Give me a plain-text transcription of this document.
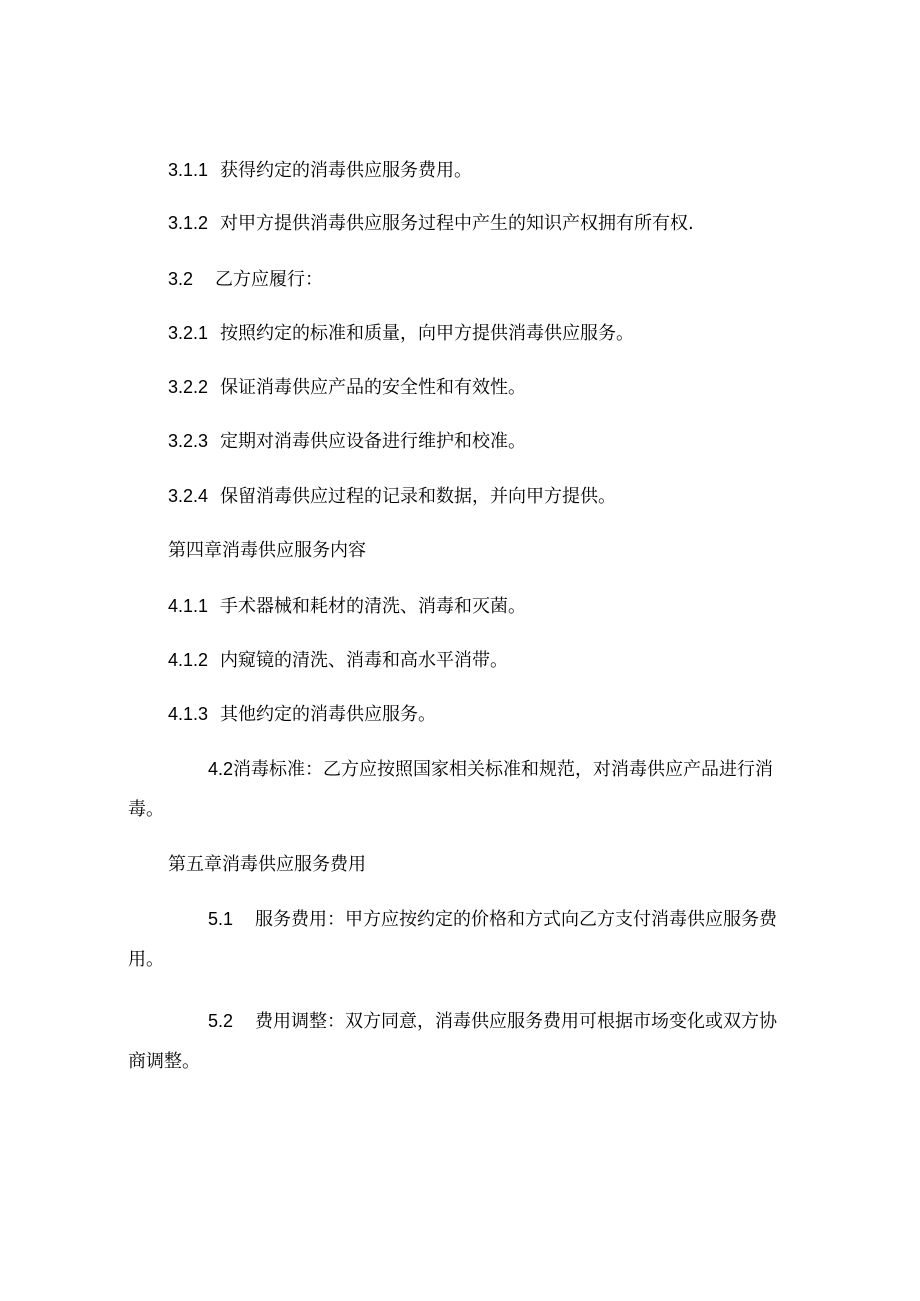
3.1.1 获得约定的消毒供应服务费用。
3.1.2 对甲方提供消毒供应服务过程中产生的知识产权拥有所有权.
3.2 乙方应履行：
3.2.1 按照约定的标准和质量，向甲方提供消毒供应服务。
3.2.2 保证消毒供应产品的安全性和有效性。
3.2.3 定期对消毒供应设备进行维护和校准。
3.2.4 保留消毒供应过程的记录和数据，并向甲方提供。
第四章消毒供应服务内容
4.1.1 手术器械和耗材的清洗、消毒和灭菌。
4.1.2 内窥镜的清洗、消毒和高水平消带。
4.1.3 其他约定的消毒供应服务。
4.2消毒标准：乙方应按照国家相关标准和规范，对消毒供应产品进行消毒。
第五章消毒供应服务费用
5.1 服务费用：甲方应按约定的价格和方式向乙方支付消毒供应服务费用。
5.2 费用调整：双方同意，消毒供应服务费用可根据市场变化或双方协商调整。
